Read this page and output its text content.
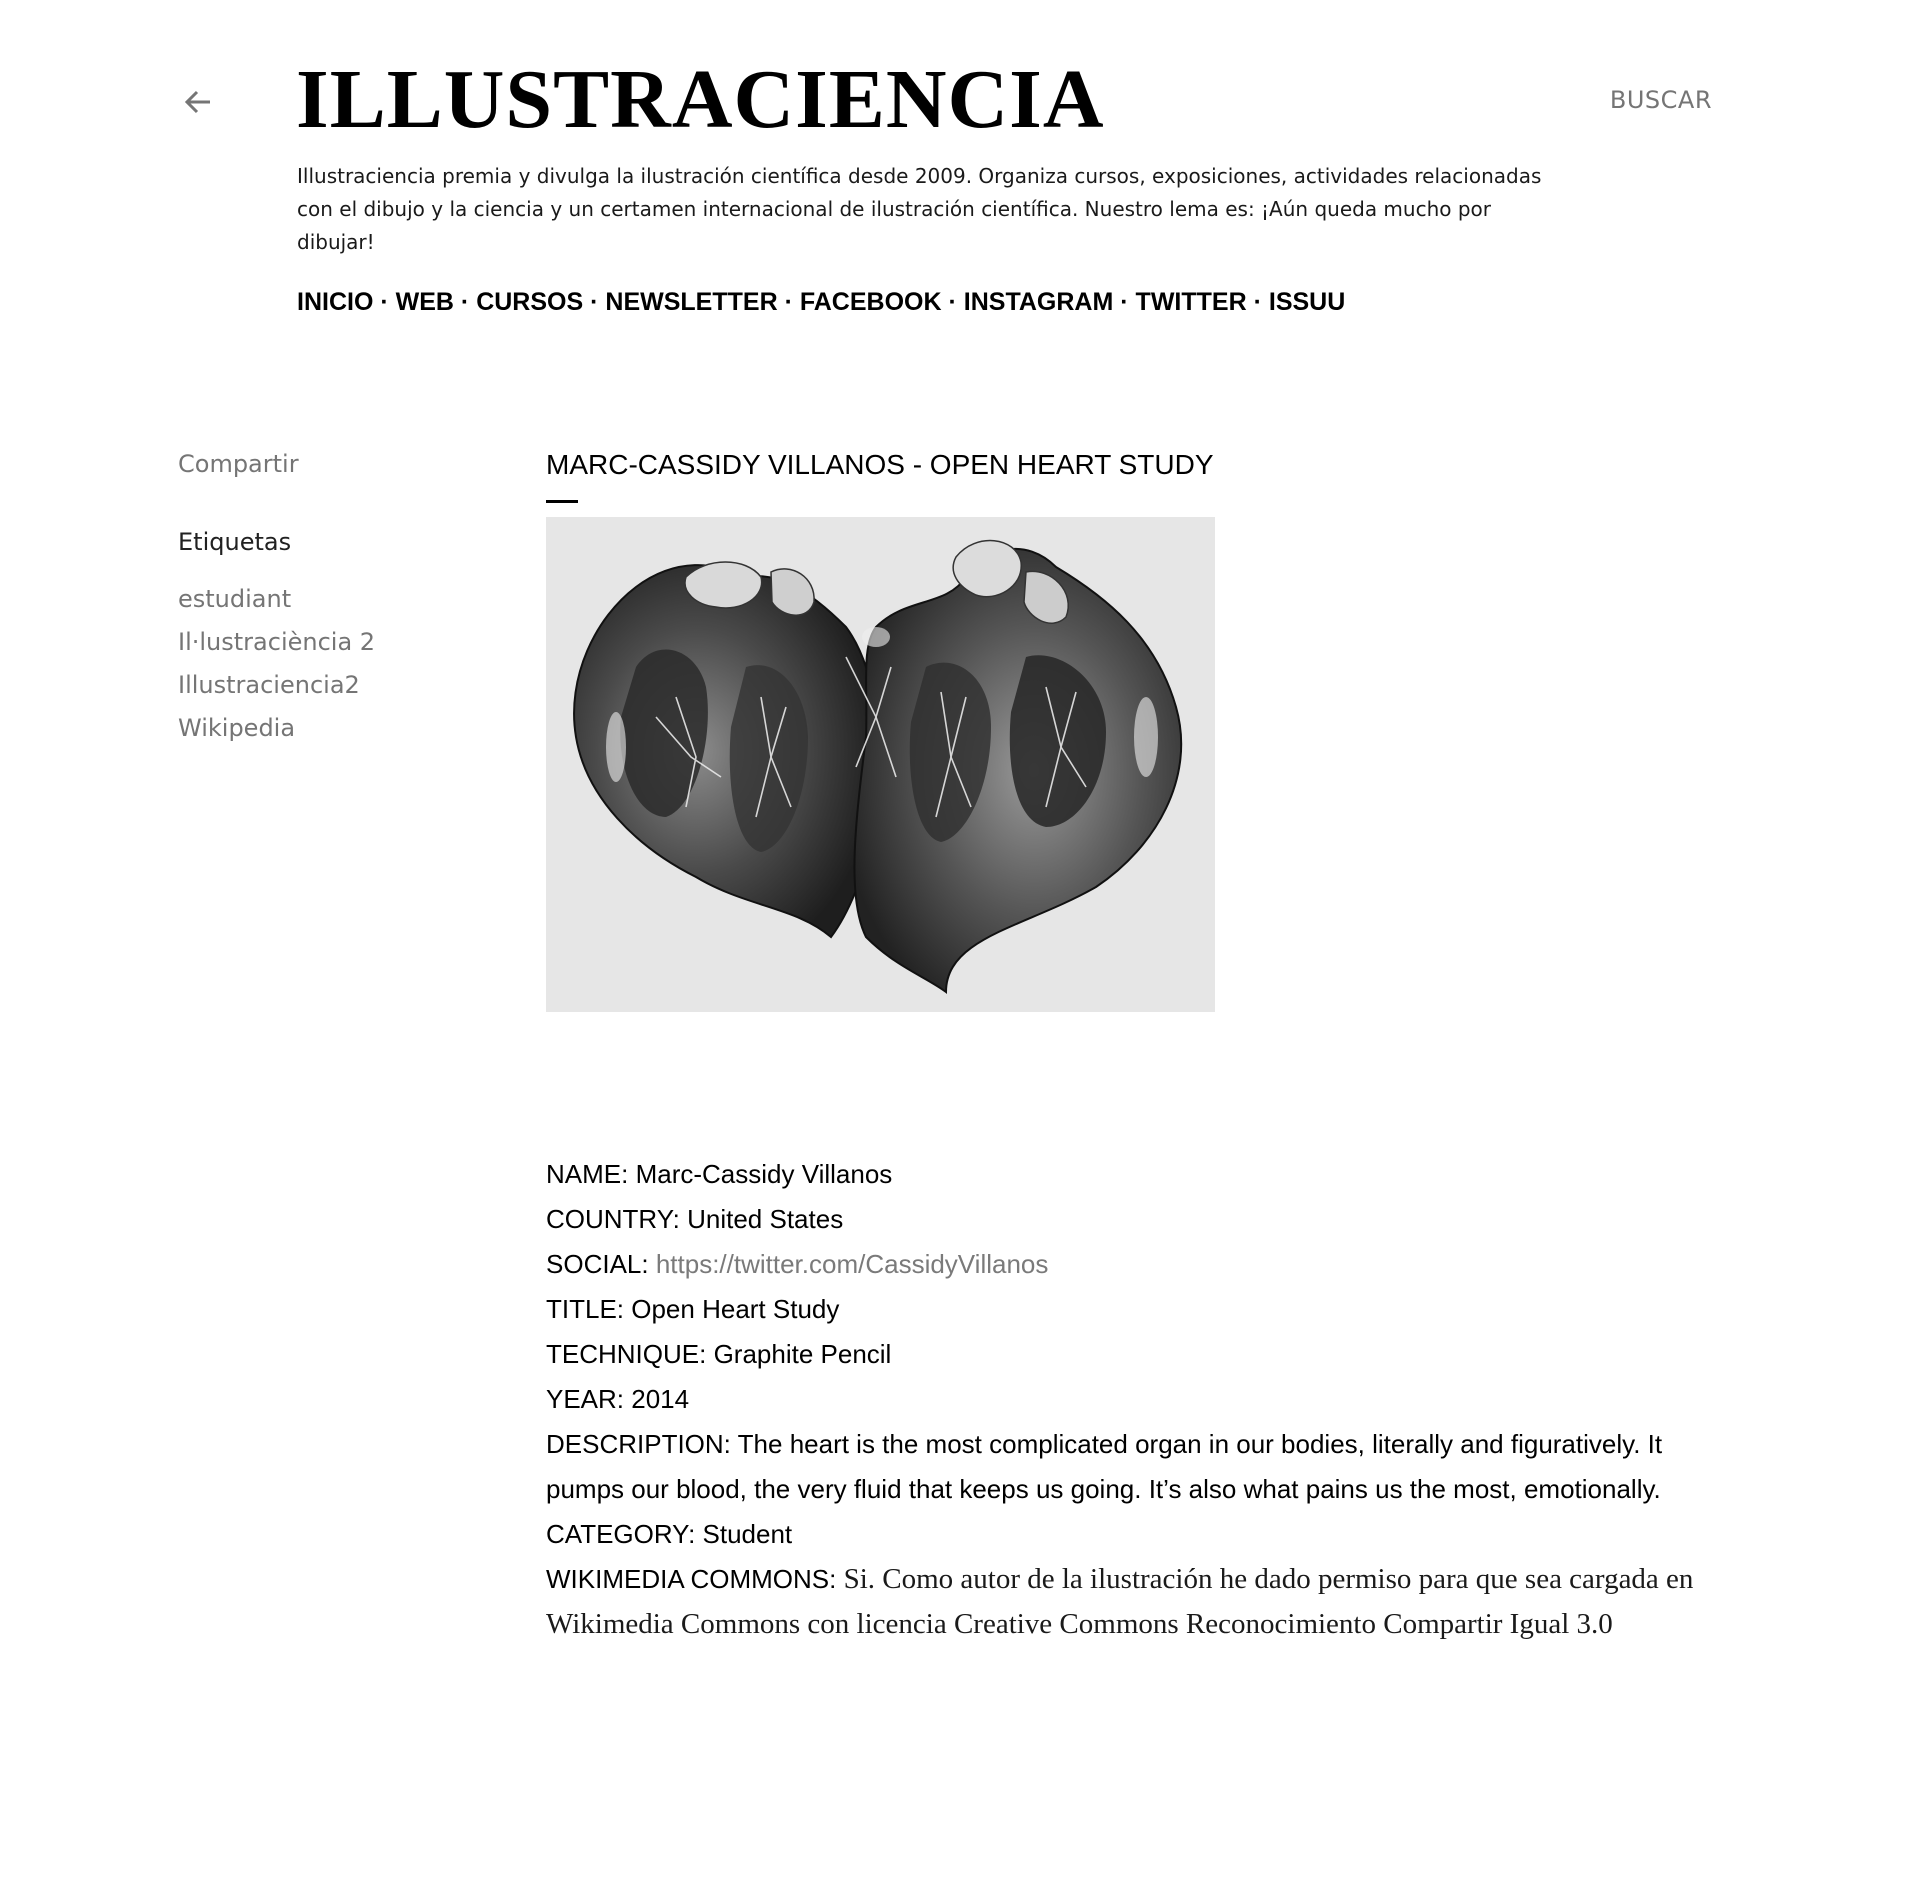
ILLUSTRACIENCIA	BUSCAR

Illustraciencia premia y divulga la ilustración científica desde 2009. Organiza cursos, exposiciones, actividades relacionadas con el dibujo y la ciencia y un certamen internacional de ilustración científica. Nuestro lema es: ¡Aún queda mucho por dibujar!

INICIO · WEB · CURSOS · NEWSLETTER · FACEBOOK · INSTAGRAM · TWITTER · ISSUU
Compartir
Etiquetas
estudiant
Il·lustraciència 2
Illustraciencia2
Wikipedia
MARC-CASSIDY VILLANOS - OPEN HEART STUDY

NAME: Marc-Cassidy Villanos

COUNTRY: United States

SOCIAL: https://twitter.com/CassidyVillanos

TITLE: Open Heart Study

TECHNIQUE: Graphite Pencil

YEAR: 2014

DESCRIPTION: The heart is the most complicated organ in our bodies, literally and figuratively. It pumps our blood, the very fluid that keeps us going. It’s also what pains us the most, emotionally.

CATEGORY: Student

WIKIMEDIA COMMONS: Si. Como autor de la ilustración he dado permiso para que sea cargada en Wikimedia Commons con licencia Creative Commons Reconocimiento Compartir Igual 3.0
